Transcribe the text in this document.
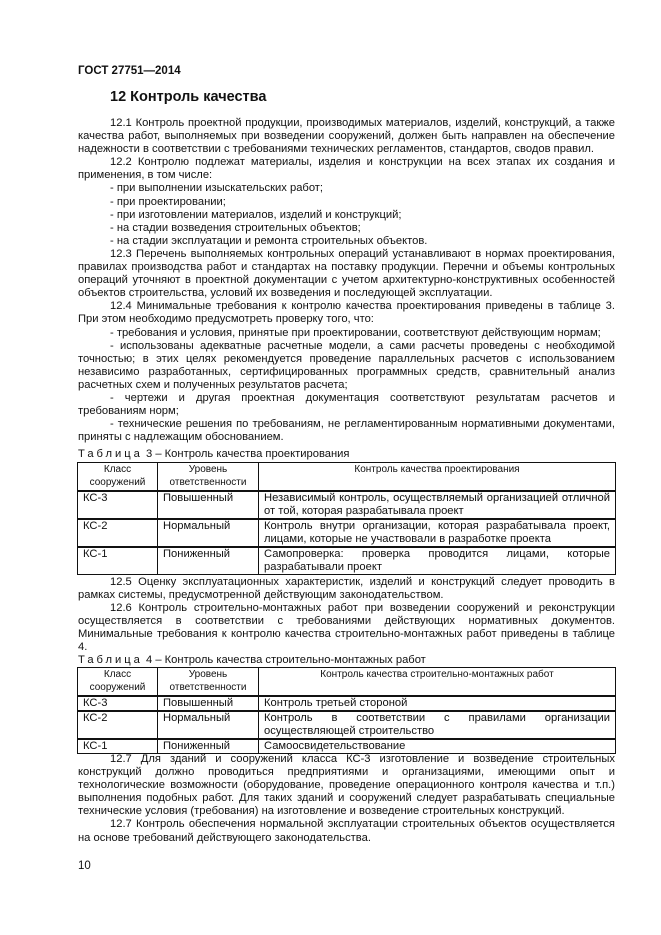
ГОСТ 27751—2014
12 Контроль качества

12.1 Контроль проектной продукции, производимых материалов, изделий, конструкций, а также качества работ, выполняемых при возведении сооружений, должен быть направлен на обеспечение надежности в соответствии с требованиями технических регламентов, стандартов, сводов правил.

12.2 Контролю подлежат материалы, изделия и конструкции на всех этапах их создания и применения, в том числе:

- при выполнении изыскательских работ;

- при проектировании;

- при изготовлении материалов, изделий и конструкций;

- на стадии возведения строительных объектов;

- на стадии эксплуатации и ремонта строительных объектов.

12.3 Перечень выполняемых контрольных операций устанавливают в нормах проектирования, правилах производства работ и стандартах на поставку продукции. Перечни и объемы контрольных операций уточняют в проектной документации с учетом архитектурно-конструктивных особенностей объектов строительства, условий их возведения и последующей эксплуатации.

12.4 Минимальные требования к контролю качества проектирования приведены в таблице 3. При этом необходимо предусмотреть проверку того, что:

- требования и условия, принятые при проектировании, соответствуют действующим нормам;

- использованы адекватные расчетные модели, а сами расчеты проведены с необходимой точностью; в этих целях рекомендуется проведение параллельных расчетов с использованием независимо разработанных, сертифицированных программных средств, сравнительный анализ расчетных схем и полученных результатов расчета;

- чертежи и другая проектная документация соответствуют результатам расчетов и требованиям норм;

- технические решения по требованиям, не регламентированным нормативными документами, приняты с надлежащим обоснованием.

Таблица 3 – Контроль качества проектирования
Класс сооружений	Уровень ответственности	Контроль качества проектирования
КС-3	Повышенный	Независимый контроль, осуществляемый организацией отличной от той, которая разрабатывала проект
КС-2	Нормальный	Контроль внутри организации, которая разрабатывала проект, лицами, которые не участвовали в разработке проекта
КС-1	Пониженный	Самопроверка: проверка проводится лицами, которые разрабатывали проект

12.5 Оценку эксплуатационных характеристик, изделий и конструкций следует проводить в рамках системы, предусмотренной действующим законодательством.

12.6 Контроль строительно-монтажных работ при возведении сооружений и реконструкции осуществляется в соответствии с требованиями действующих нормативных документов. Минимальные требования к контролю качества строительно-монтажных работ приведены в таблице 4.

Таблица 4 – Контроль качества строительно-монтажных работ
Класс сооружений	Уровень ответственности	Контроль качества строительно-монтажных работ
КС-3	Повышенный	Контроль третьей стороной
КС-2	Нормальный	Контроль в соответствии с правилами организации осуществляющей строительство
КС-1	Пониженный	Самоосвидетельствование

12.7 Для зданий и сооружений класса КС-3 изготовление и возведение строительных конструкций должно проводиться предприятиями и организациями, имеющими опыт и технологические возможности (оборудование, проведение операционного контроля качества и т.п.) выполнения подобных работ. Для таких зданий и сооружений следует разрабатывать специальные технические условия (требования) на изготовление и возведение строительных конструкций.

12.7 Контроль обеспечения нормальной эксплуатации строительных объектов осуществляется на основе требований действующего законодательства.

10
